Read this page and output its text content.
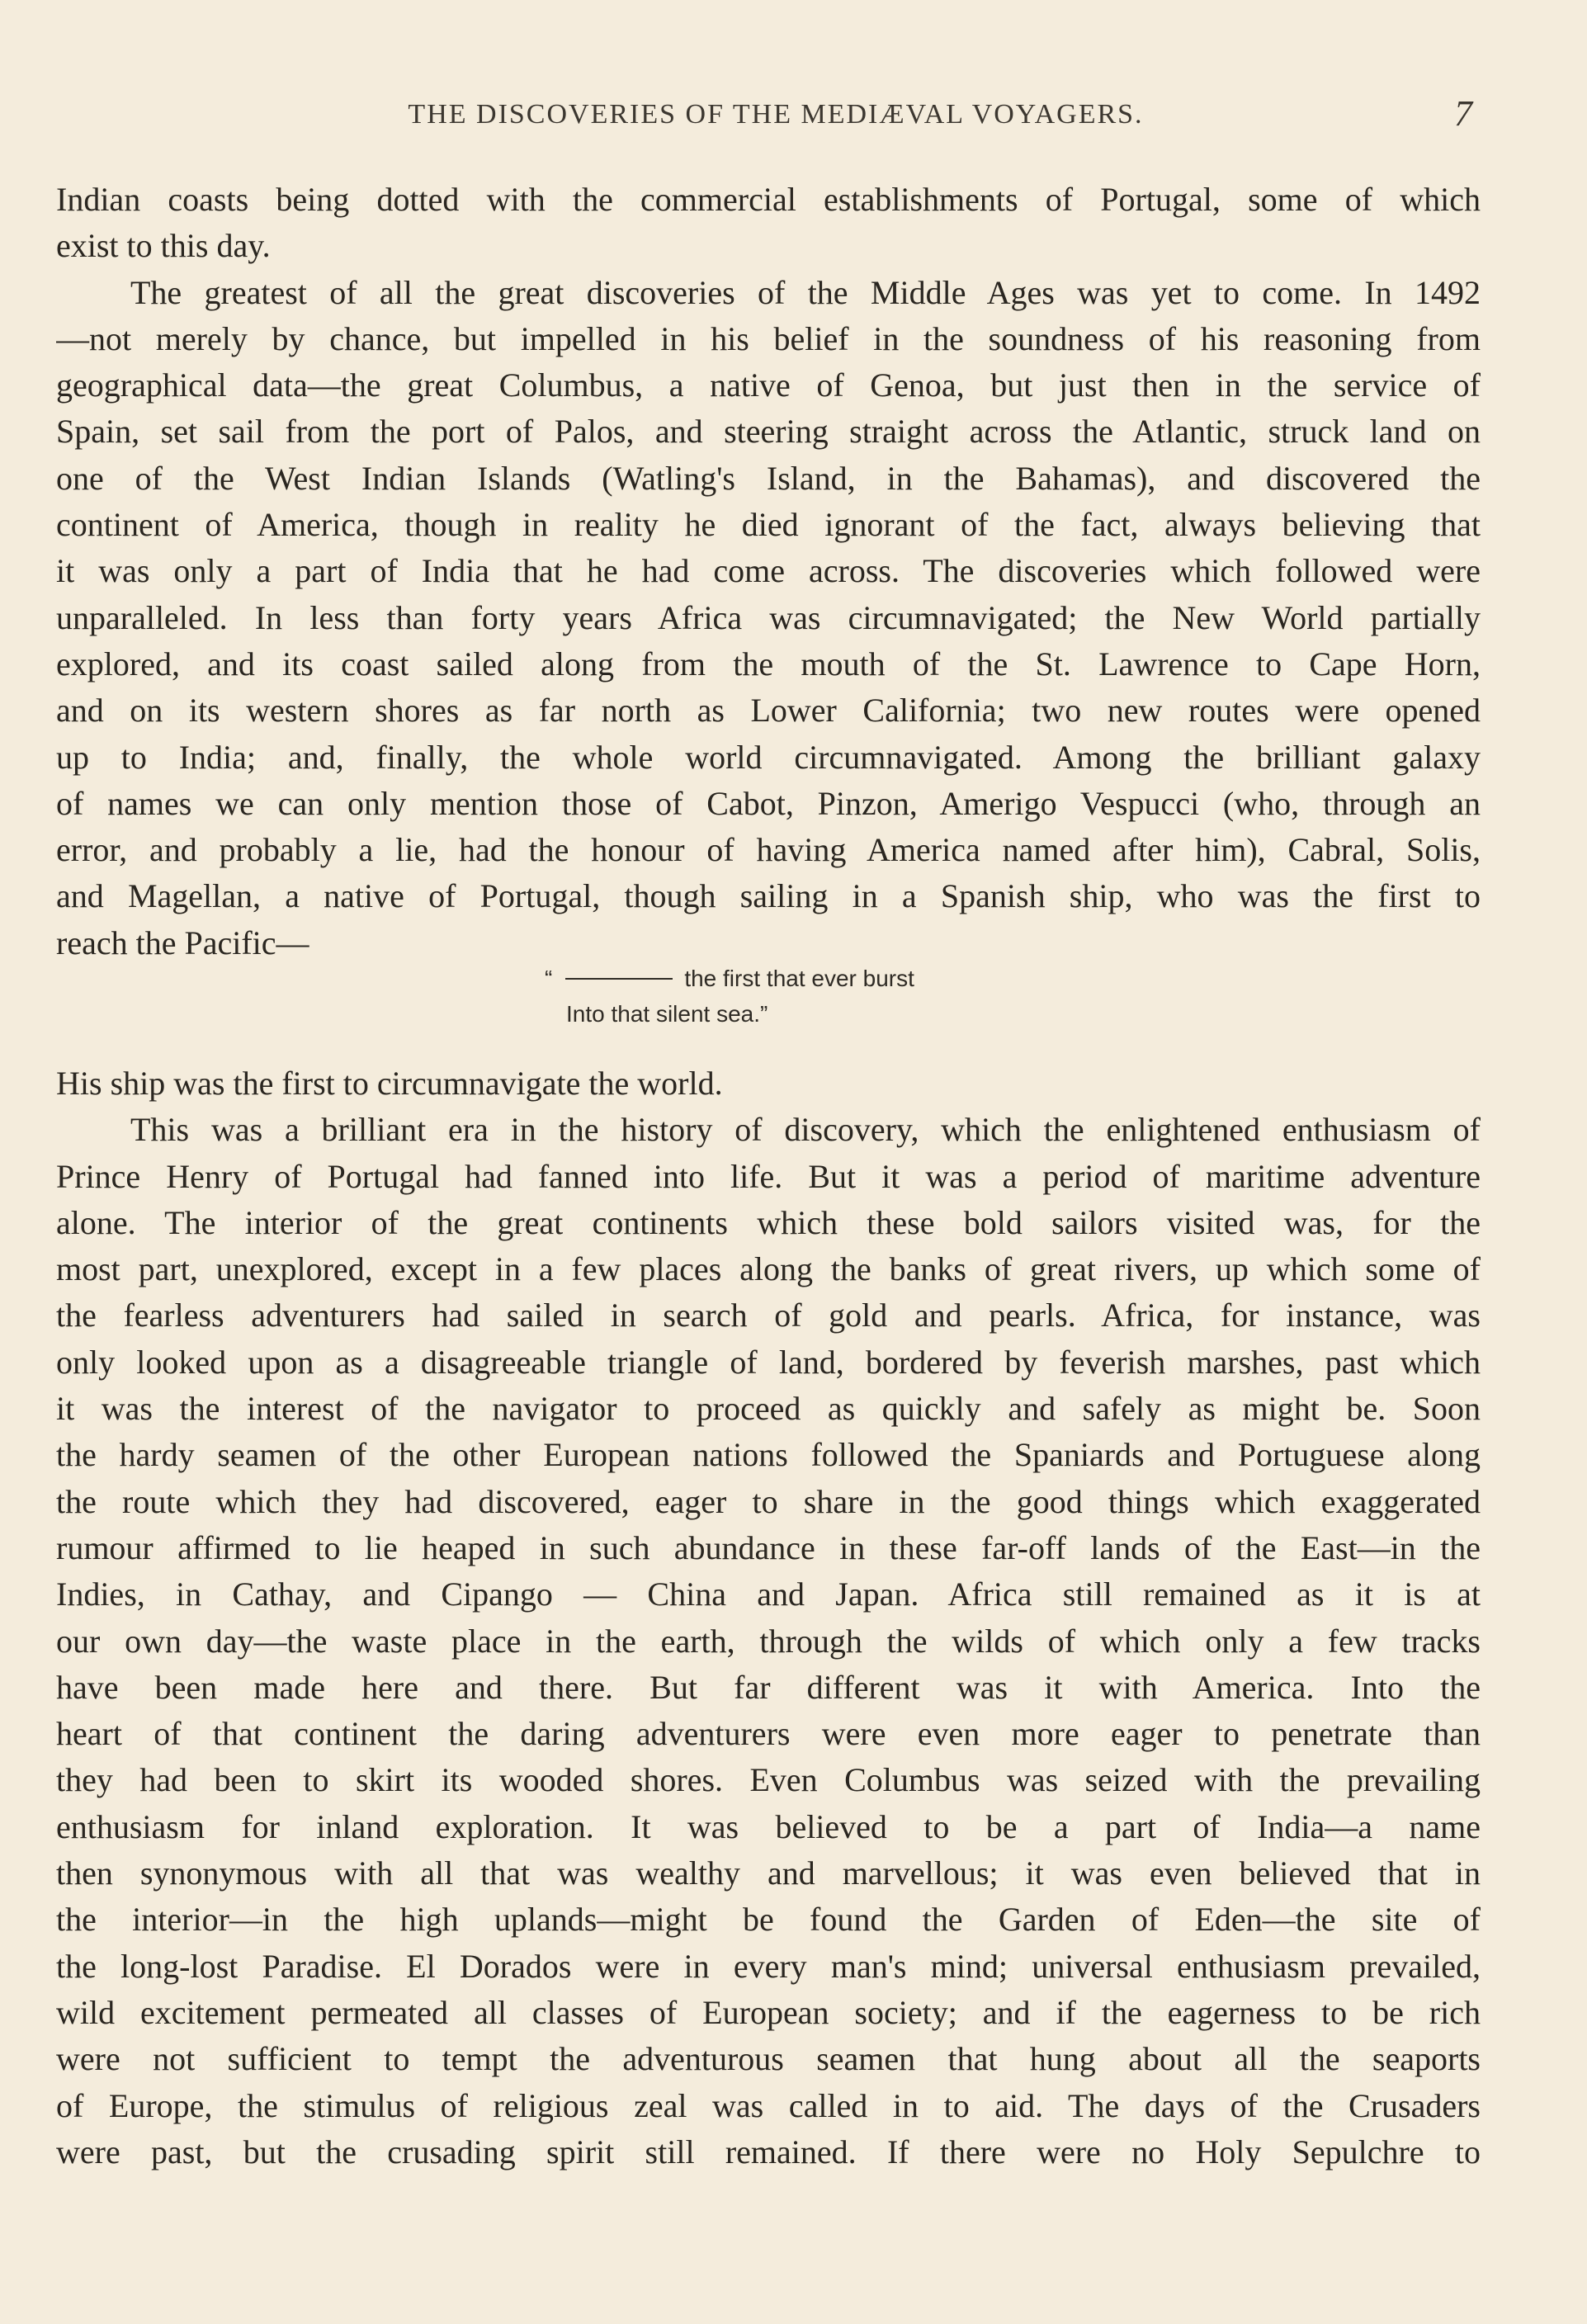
THE DISCOVERIES OF THE MEDIÆVAL VOYAGERS.	7
Indian coasts being dotted with the commercial establishments of Portugal, some of which
exist to this day.
The greatest of all the great discoveries of the Middle Ages was yet to come. In 1492
—not merely by chance, but impelled in his belief in the soundness of his reasoning from
geographical data—the great Columbus, a native of Genoa, but just then in the service of
Spain, set sail from the port of Palos, and steering straight across the Atlantic, struck land on
one of the West Indian Islands (Watling's Island, in the Bahamas), and discovered the
continent of America, though in reality he died ignorant of the fact, always believing that
it was only a part of India that he had come across. The discoveries which followed were
unparalleled. In less than forty years Africa was circumnavigated; the New World partially
explored, and its coast sailed along from the mouth of the St. Lawrence to Cape Horn,
and on its western shores as far north as Lower California; two new routes were opened
up to India; and, finally, the whole world circumnavigated. Among the brilliant galaxy
of names we can only mention those of Cabot, Pinzon, Amerigo Vespucci (who, through an
error, and probably a lie, had the honour of having America named after him), Cabral, Solis,
and Magellan, a native of Portugal, though sailing in a Spanish ship, who was the first to
reach the Pacific—
“	the first that ever burst
Into that silent sea.”
His ship was the first to circumnavigate the world.
This was a brilliant era in the history of discovery, which the enlightened enthusiasm of
Prince Henry of Portugal had fanned into life. But it was a period of maritime adventure
alone. The interior of the great continents which these bold sailors visited was, for the
most part, unexplored, except in a few places along the banks of great rivers, up which some of
the fearless adventurers had sailed in search of gold and pearls. Africa, for instance, was
only looked upon as a disagreeable triangle of land, bordered by feverish marshes, past which
it was the interest of the navigator to proceed as quickly and safely as might be. Soon
the hardy seamen of the other European nations followed the Spaniards and Portuguese along
the route which they had discovered, eager to share in the good things which exaggerated
rumour affirmed to lie heaped in such abundance in these far-off lands of the East—in the
Indies, in Cathay, and Cipango — China and Japan. Africa still remained as it is at
our own day—the waste place in the earth, through the wilds of which only a few tracks
have been made here and there. But far different was it with America. Into the
heart of that continent the daring adventurers were even more eager to penetrate than
they had been to skirt its wooded shores. Even Columbus was seized with the prevailing
enthusiasm for inland exploration. It was believed to be a part of India—a name
then synonymous with all that was wealthy and marvellous; it was even believed that in
the interior—in the high uplands—might be found the Garden of Eden—the site of
the long-lost Paradise. El Dorados were in every man's mind; universal enthusiasm prevailed,
wild excitement permeated all classes of European society; and if the eagerness to be rich
were not sufficient to tempt the adventurous seamen that hung about all the seaports
of Europe, the stimulus of religious zeal was called in to aid. The days of the Crusaders
were past, but the crusading spirit still remained. If there were no Holy Sepulchre to
